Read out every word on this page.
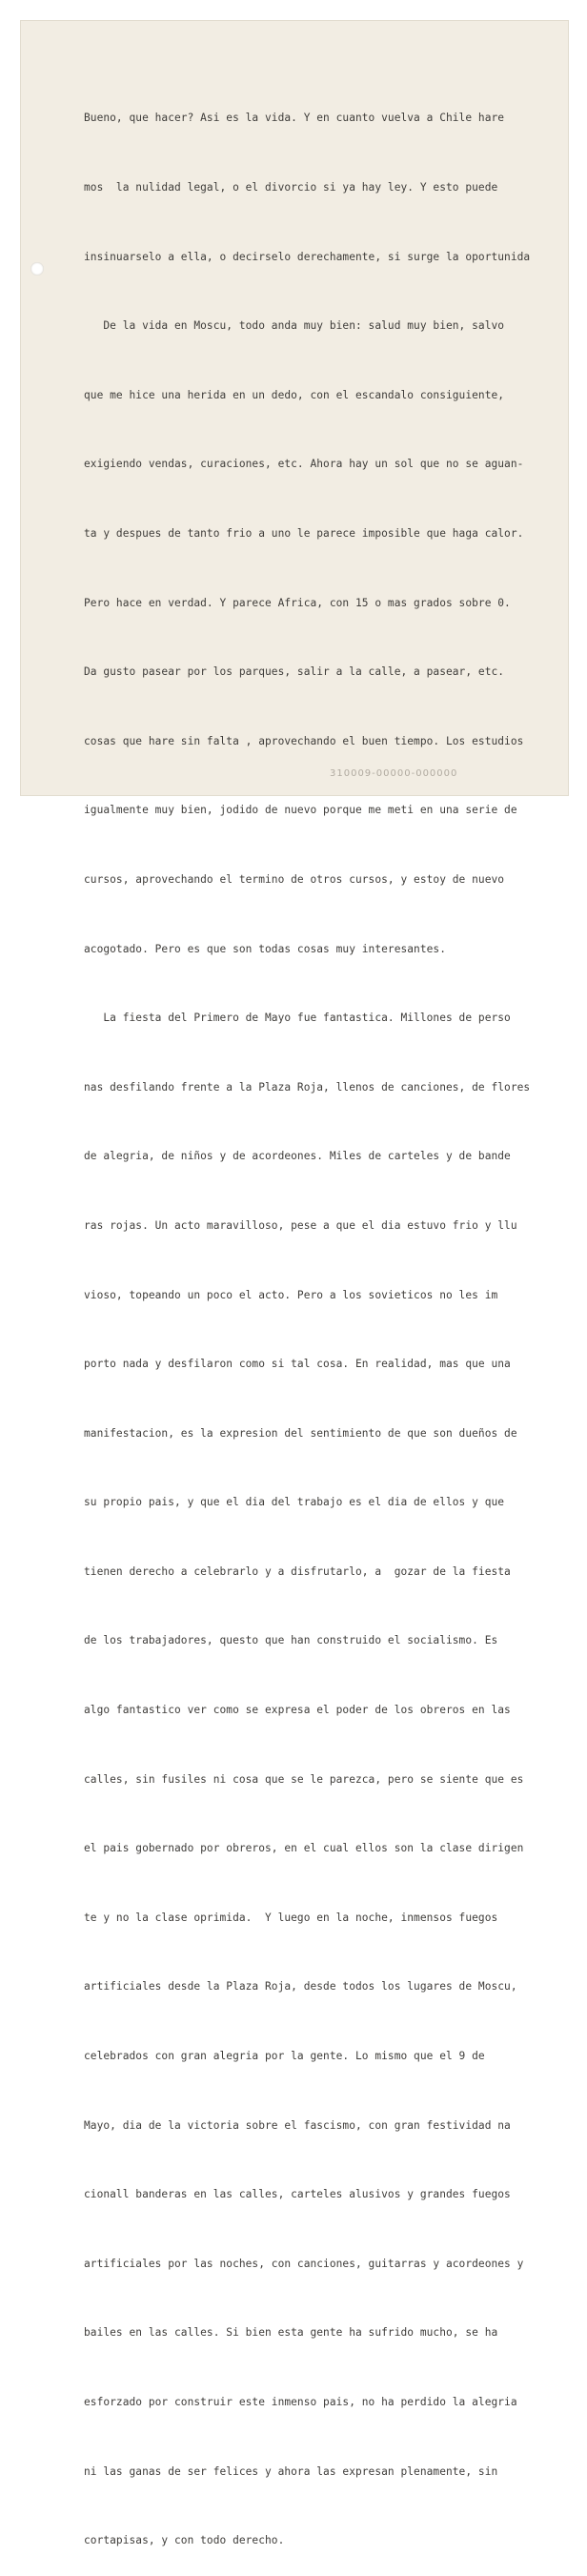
Bueno, que hacer? Asi es la vida. Y en cuanto vuelva a Chile hare

mos  la nulidad legal, o el divorcio si ya hay ley. Y esto puede

insinuarselo a ella, o decirselo derechamente, si surge la oportunida

De la vida en Moscu, todo anda muy bien: salud muy bien, salvo

que me hice una herida en un dedo, con el escandalo consiguiente,

exigiendo vendas, curaciones, etc. Ahora hay un sol que no se aguan-

ta y despues de tanto frio a uno le parece imposible que haga calor.

Pero hace en verdad. Y parece Africa, con 15 o mas grados sobre 0.

Da gusto pasear por los parques, salir a la calle, a pasear, etc.

cosas que hare sin falta , aprovechando el buen tiempo. Los estudios

igualmente muy bien, jodido de nuevo porque me meti en una serie de

cursos, aprovechando el termino de otros cursos, y estoy de nuevo

acogotado. Pero es que son todas cosas muy interesantes.

La fiesta del Primero de Mayo fue fantastica. Millones de perso

nas desfilando frente a la Plaza Roja, llenos de canciones, de flores

de alegria, de niños y de acordeones. Miles de carteles y de bande

ras rojas. Un acto maravilloso, pese a que el dia estuvo frio y llu

vioso, topeando un poco el acto. Pero a los sovieticos no les im

porto nada y desfilaron como si tal cosa. En realidad, mas que una

manifestacion, es la expresion del sentimiento de que son dueños de

su propio pais, y que el dia del trabajo es el dia de ellos y que

tienen derecho a celebrarlo y a disfrutarlo, a  gozar de la fiesta

de los trabajadores, questo que han construido el socialismo. Es

algo fantastico ver como se expresa el poder de los obreros en las

calles, sin fusiles ni cosa que se le parezca, pero se siente que es

el pais gobernado por obreros, en el cual ellos son la clase dirigen

te y no la clase oprimida.  Y luego en la noche, inmensos fuegos

artificiales desde la Plaza Roja, desde todos los lugares de Moscu,

celebrados con gran alegria por la gente. Lo mismo que el 9 de

Mayo, dia de la victoria sobre el fascismo, con gran festividad na

cionall banderas en las calles, carteles alusivos y grandes fuegos

artificiales por las noches, con canciones, guitarras y acordeones y

bailes en las calles. Si bien esta gente ha sufrido mucho, se ha

esforzado por construir este inmenso pais, no ha perdido la alegria

ni las ganas de ser felices y ahora las expresan plenamente, sin

cortapisas, y con todo derecho.

310009-00000-000000
